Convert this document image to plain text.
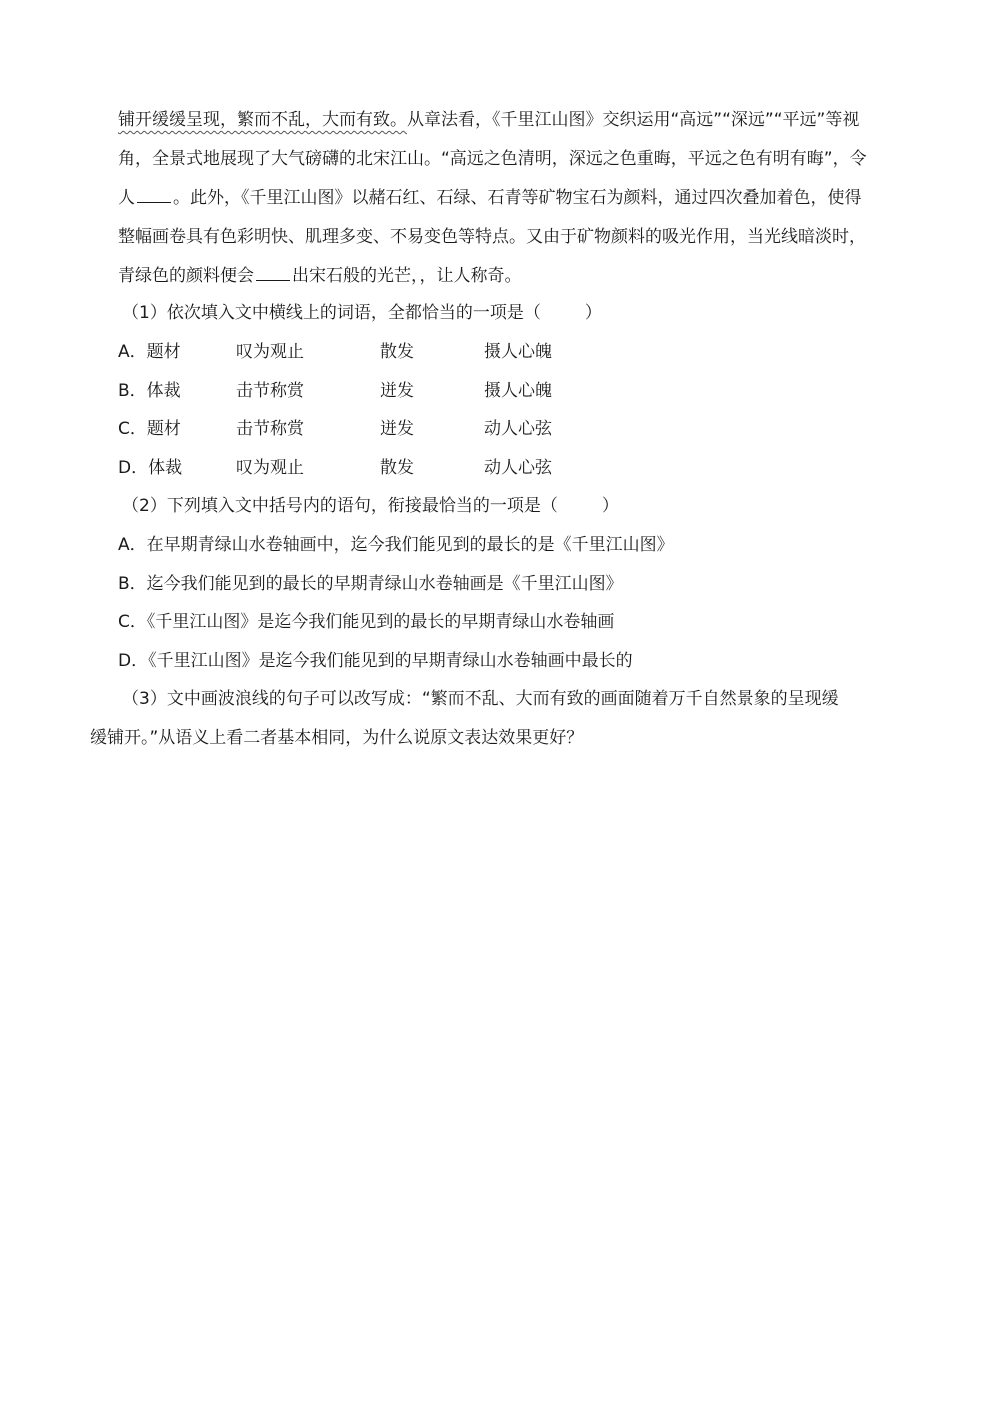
铺开缓缓呈现，繁而不乱，大而有致。从章法看，《千里江山图》交织运用“高远”“深远”“平远”等视
角，全景式地展现了大气磅礴的北宋江山。“高远之色清明，深远之色重晦，平远之色有明有晦”，令
人 。此外，《千里江山图》以赭石红、石绿、石青等矿物宝石为颜料，通过四次叠加着色，使得
整幅画卷具有色彩明快、肌理多变、不易变色等特点。又由于矿物颜料的吸光作用，当光线暗淡时，
青绿色的颜料便会 出宋石般的光芒，，让人称奇。
（1）依次填入文中横线上的词语，全都恰当的一项是（	）
A．题材	叹为观止	散发	摄人心魄
B．体裁	击节称赏	迸发	摄人心魄
C．题材	击节称赏	迸发	动人心弦
D．体裁	叹为观止	散发	动人心弦
（2）下列填入文中括号内的语句，衔接最恰当的一项是（	）
A．在早期青绿山水卷轴画中，迄今我们能见到的最长的是《千里江山图》
B．迄今我们能见到的最长的早期青绿山水卷轴画是《千里江山图》
C．《千里江山图》是迄今我们能见到的最长的早期青绿山水卷轴画
D．《千里江山图》是迄今我们能见到的早期青绿山水卷轴画中最长的
（3）文中画波浪线的句子可以改写成：“繁而不乱、大而有致的画面随着万千自然景象的呈现缓
缓铺开。”从语义上看二者基本相同，为什么说原文表达效果更好？
